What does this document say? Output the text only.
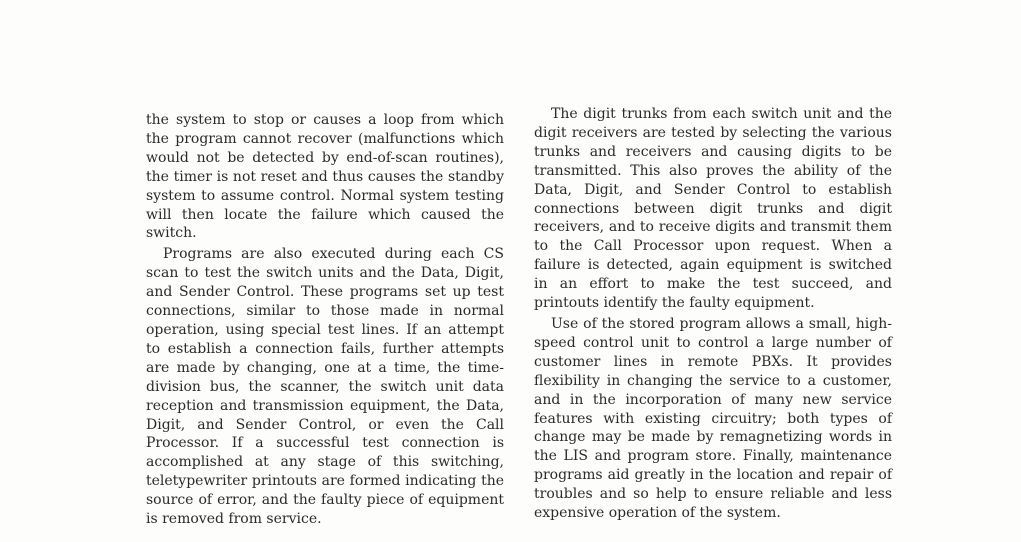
the system to stop or causes a loop from which the program cannot recover (malfunctions which would not be detected by end-of-scan routines), the timer is not reset and thus causes the standby system to assume control. Normal system testing will then locate the failure which caused the switch.

Programs are also executed during each CS scan to test the switch units and the Data, Digit, and Sender Control. These programs set up test connections, similar to those made in normal operation, using special test lines. If an attempt to establish a connection fails, further attempts are made by changing, one at a time, the time-division bus, the scanner, the switch unit data reception and transmission equipment, the Data, Digit, and Sender Control, or even the Call Processor. If a successful test connection is accomplished at any stage of this switching, teletypewriter printouts are formed indicating the source of error, and the faulty piece of equipment is removed from service.

The digit trunks from each switch unit and the digit receivers are tested by selecting the various trunks and receivers and causing digits to be transmitted. This also proves the ability of the Data, Digit, and Sender Control to establish connections between digit trunks and digit receivers, and to receive digits and transmit them to the Call Processor upon request. When a failure is detected, again equipment is switched in an effort to make the test succeed, and printouts identify the faulty equipment.

Use of the stored program allows a small, high-speed control unit to control a large number of customer lines in remote PBXs. It provides flexibility in changing the service to a customer, and in the incorporation of many new service features with existing circuitry; both types of change may be made by remagnetizing words in the LIS and program store. Finally, maintenance programs aid greatly in the location and repair of troubles and so help to ensure reliable and less expensive operation of the system.
